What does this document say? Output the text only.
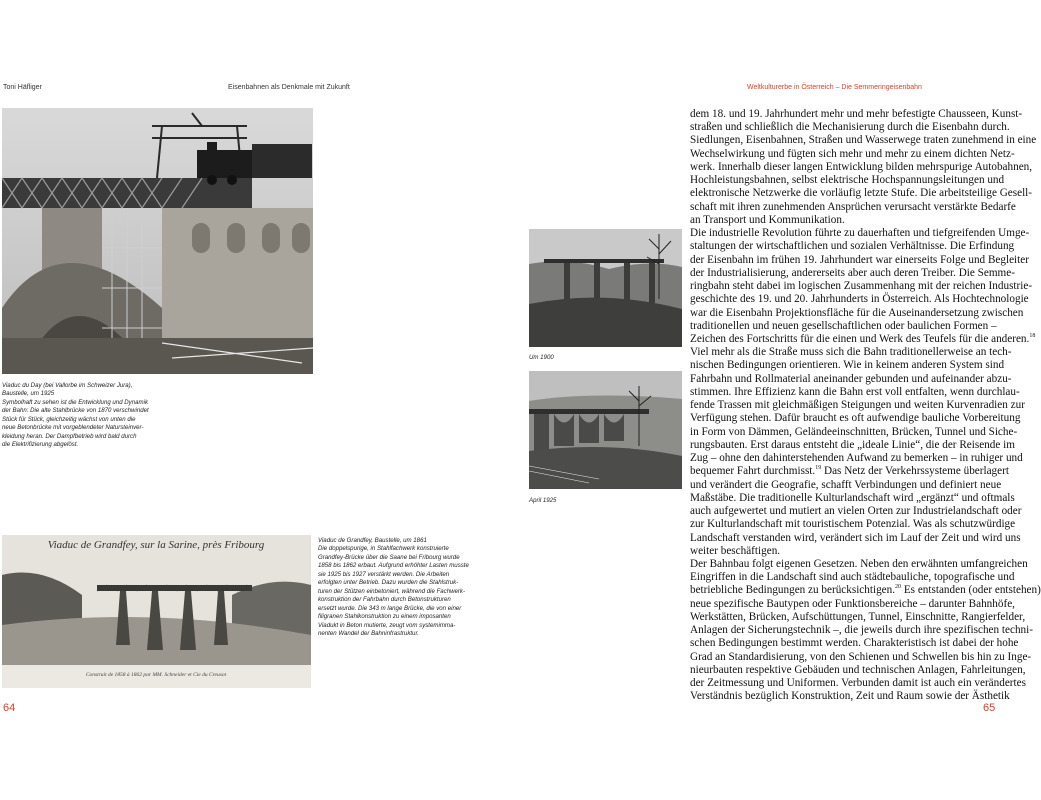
Toni Häfliger	Eisenbahnen als Denkmale mit Zukunft	Weltkulturerbe in Österreich – Die Semmeringeisenbahn
Viaduc du Day (bei Vallorbe im Schweizer Jura),
Baustelle, um 1925
Symbolhaft zu sehen ist die Entwicklung und Dynamik
der Bahn: Die alte Stahlbrücke von 1870 verschwindet
Stück für Stück, gleichzeitig wächst von unten die
neue Betonbrücke mit vorgeblendeter Natursteinver-
kleidung heran. Der Dampfbetrieb wird bald durch
die Elektrifizierung abgelöst.
Viaduc de Grandfey, sur la Sarine, près Fribourg
Construit de 1858 à 1862 par MM. Schneider et Cie du Creusot
Viaduc de Grandfey, Baustelle, um 1861
Die doppelspurige, in Stahlfachwerk konstruierte
Grandfey-Brücke über die Saane bei Fribourg wurde
1858 bis 1862 erbaut. Aufgrund erhöhter Lasten musste
sie 1925 bis 1927 verstärkt werden. Die Arbeiten
erfolgten unter Betrieb. Dazu wurden die Stahlstruk-
turen der Stützen einbetoniert, während die Fachwerk-
konstruktion der Fahrbahn durch Betonstrukturen
ersetzt wurde. Die 343 m lange Brücke, die von einer
filigranen Stahlkonstruktion zu einem imposanten
Viadukt in Beton mutierte, zeugt vom systemimma-
nenten Wandel der Bahninfrastruktur.
Um 1900
April 1925
dem 18. und 19. Jahrhundert mehr und mehr befestigte Chausseen, Kunst-
straßen und schließlich die Mechanisierung durch die Eisenbahn durch.
Siedlungen, Eisenbahnen, Straßen und Wasserwege traten zunehmend in eine
Wechselwirkung und fügten sich mehr und mehr zu einem dichten Netz-
werk. Innerhalb dieser langen Entwicklung bilden mehrspurige Autobahnen,
Hochleistungsbahnen, selbst elektrische Hochspannungsleitungen und
elektronische Netzwerke die vorläufig letzte Stufe. Die arbeitsteilige Gesell-
schaft mit ihren zunehmenden Ansprüchen verursacht verstärkte Bedarfe
an Transport und Kommunikation.
Die industrielle Revolution führte zu dauerhaften und tiefgreifenden Umge-
staltungen der wirtschaftlichen und sozialen Verhältnisse. Die Erfindung
der Eisenbahn im frühen 19. Jahrhundert war einerseits Folge und Begleiter
der Industrialisierung, andererseits aber auch deren Treiber. Die Semme-
ringbahn steht dabei im logischen Zusammenhang mit der reichen Industrie-
geschichte des 19. und 20. Jahrhunderts in Österreich. Als Hochtechnologie
war die Eisenbahn Projektionsfläche für die Auseinandersetzung zwischen
traditionellen und neuen gesellschaftlichen oder baulichen Formen –
Zeichen des Fortschritts für die einen und Werk des Teufels für die anderen.$^{18}$
Viel mehr als die Straße muss sich die Bahn traditionellerweise an tech-
nischen Bedingungen orientieren. Wie in keinem anderen System sind
Fahrbahn und Rollmaterial aneinander gebunden und aufeinander abzu-
stimmen. Ihre Effizienz kann die Bahn erst voll entfalten, wenn durchlau-
fende Trassen mit gleichmäßigen Steigungen und weiten Kurvenradien zur
Verfügung stehen. Dafür braucht es oft aufwendige bauliche Vorbereitung
in Form von Dämmen, Geländeeinschnitten, Brücken, Tunnel und Siche-
rungsbauten. Erst daraus entsteht die „ideale Linie“, die der Reisende im
Zug – ohne den dahinterstehenden Aufwand zu bemerken – in ruhiger und
bequemer Fahrt durchmisst.$^{19}$ Das Netz der Verkehrssysteme überlagert
und verändert die Geografie, schafft Verbindungen und definiert neue
Maßstäbe. Die traditionelle Kulturlandschaft wird „ergänzt“ und oftmals
auch aufgewertet und mutiert an vielen Orten zur Industrielandschaft oder
zur Kulturlandschaft mit touristischem Potenzial. Was als schutzwürdige
Landschaft verstanden wird, verändert sich im Lauf der Zeit und wird uns
weiter beschäftigen.
Der Bahnbau folgt eigenen Gesetzen. Neben den erwähnten umfangreichen
Eingriffen in die Landschaft sind auch städtebauliche, topografische und
betriebliche Bedingungen zu berücksichtigen.$^{20}$ Es entstanden (oder entstehen)
neue spezifische Bautypen oder Funktionsbereiche – darunter Bahnhöfe,
Werkstätten, Brücken, Aufschüttungen, Tunnel, Einschnitte, Rangierfelder,
Anlagen der Sicherungstechnik –, die jeweils durch ihre spezifischen techni-
schen Bedingungen bestimmt werden. Charakteristisch ist dabei der hohe
Grad an Standardisierung, von den Schienen und Schwellen bis hin zu Inge-
nieurbauten respektive Gebäuden und technischen Anlagen, Fahrleitungen,
der Zeitmessung und Uniformen. Verbunden damit ist auch ein verändertes
Verständnis bezüglich Konstruktion, Zeit und Raum sowie der Ästhetik
64	65
